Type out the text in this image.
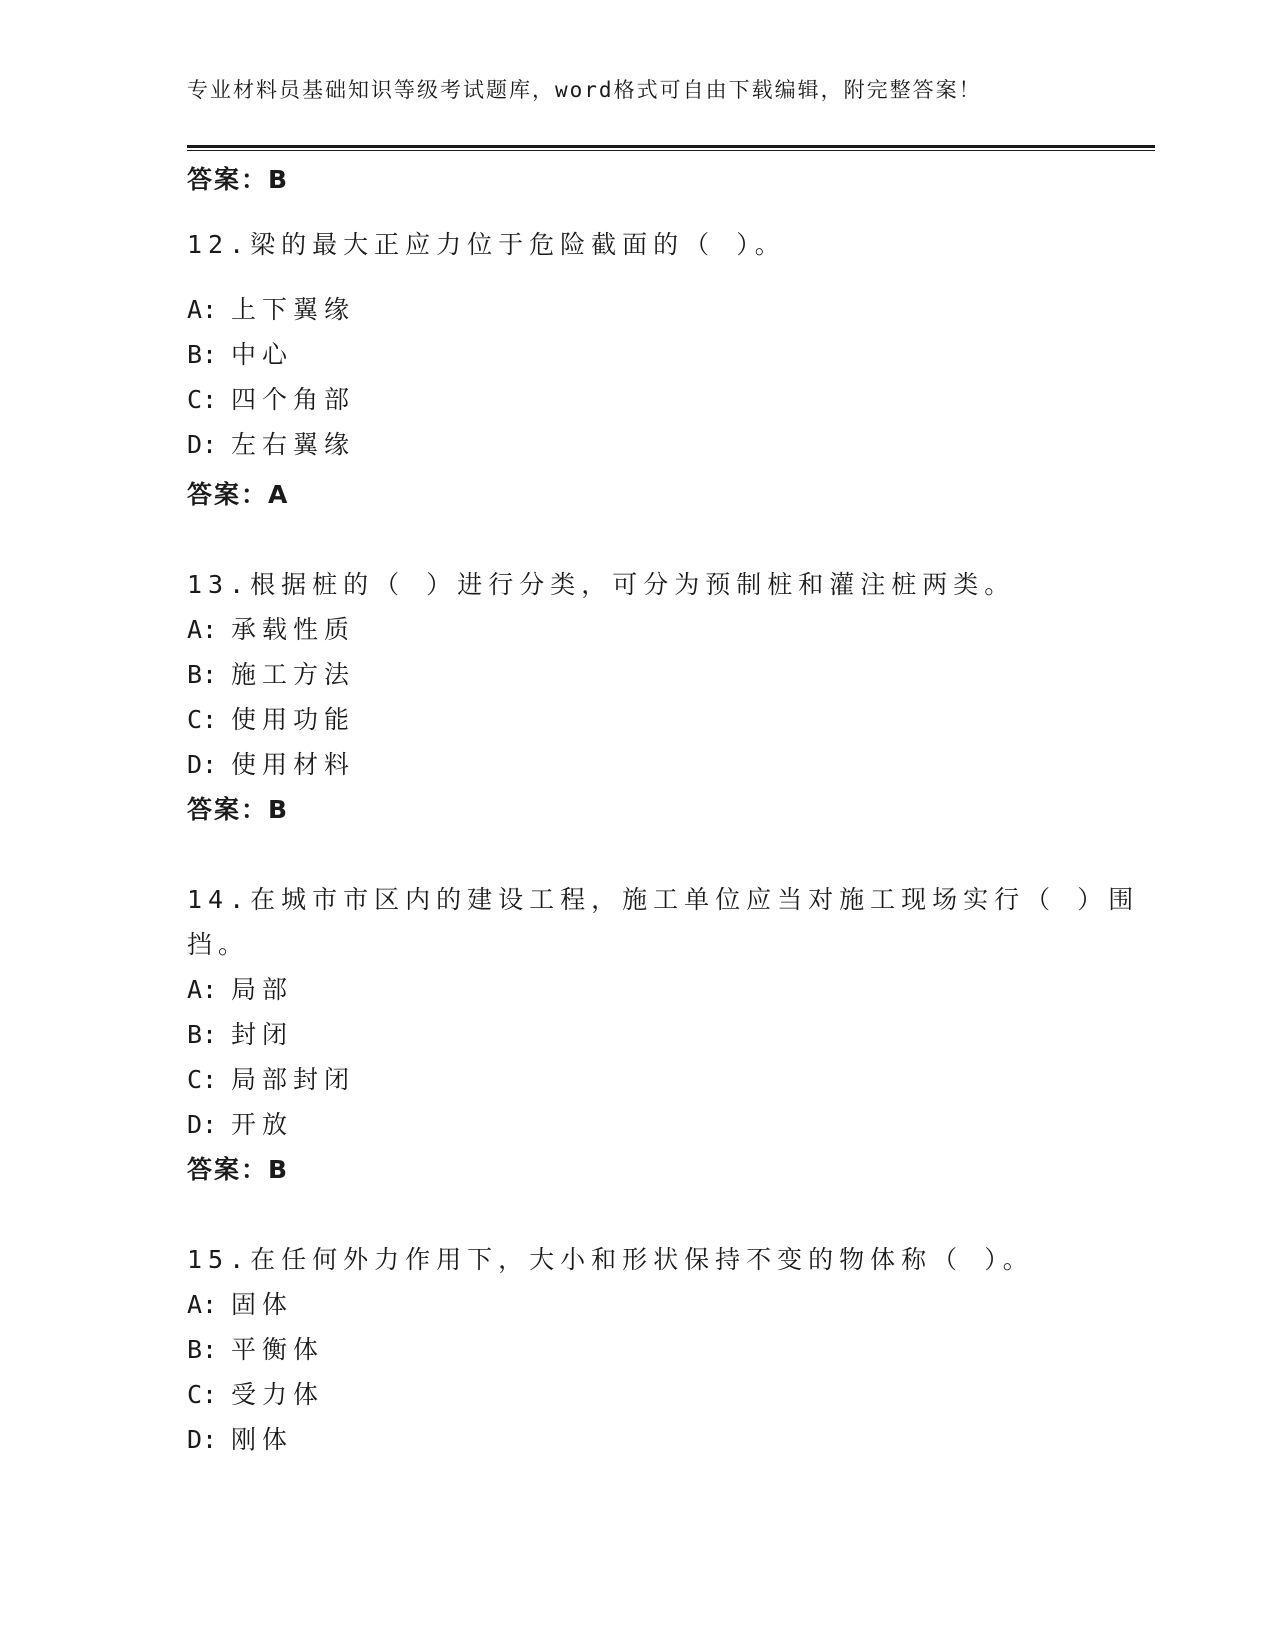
专业材料员基础知识等级考试题库，word格式可自由下载编辑，附完整答案！
答案：B
12.梁的最大正应力位于危险截面的（ ）。
A: 上下翼缘
B: 中心
C: 四个角部
D: 左右翼缘
答案：A
13.根据桩的（ ）进行分类，可分为预制桩和灌注桩两类。
A: 承载性质
B: 施工方法
C: 使用功能
D: 使用材料
答案：B
14.在城市市区内的建设工程，施工单位应当对施工现场实行（ ）围
挡。
A: 局部
B: 封闭
C: 局部封闭
D: 开放
答案：B
15.在任何外力作用下，大小和形状保持不变的物体称（ ）。
A: 固体
B: 平衡体
C: 受力体
D: 刚体
